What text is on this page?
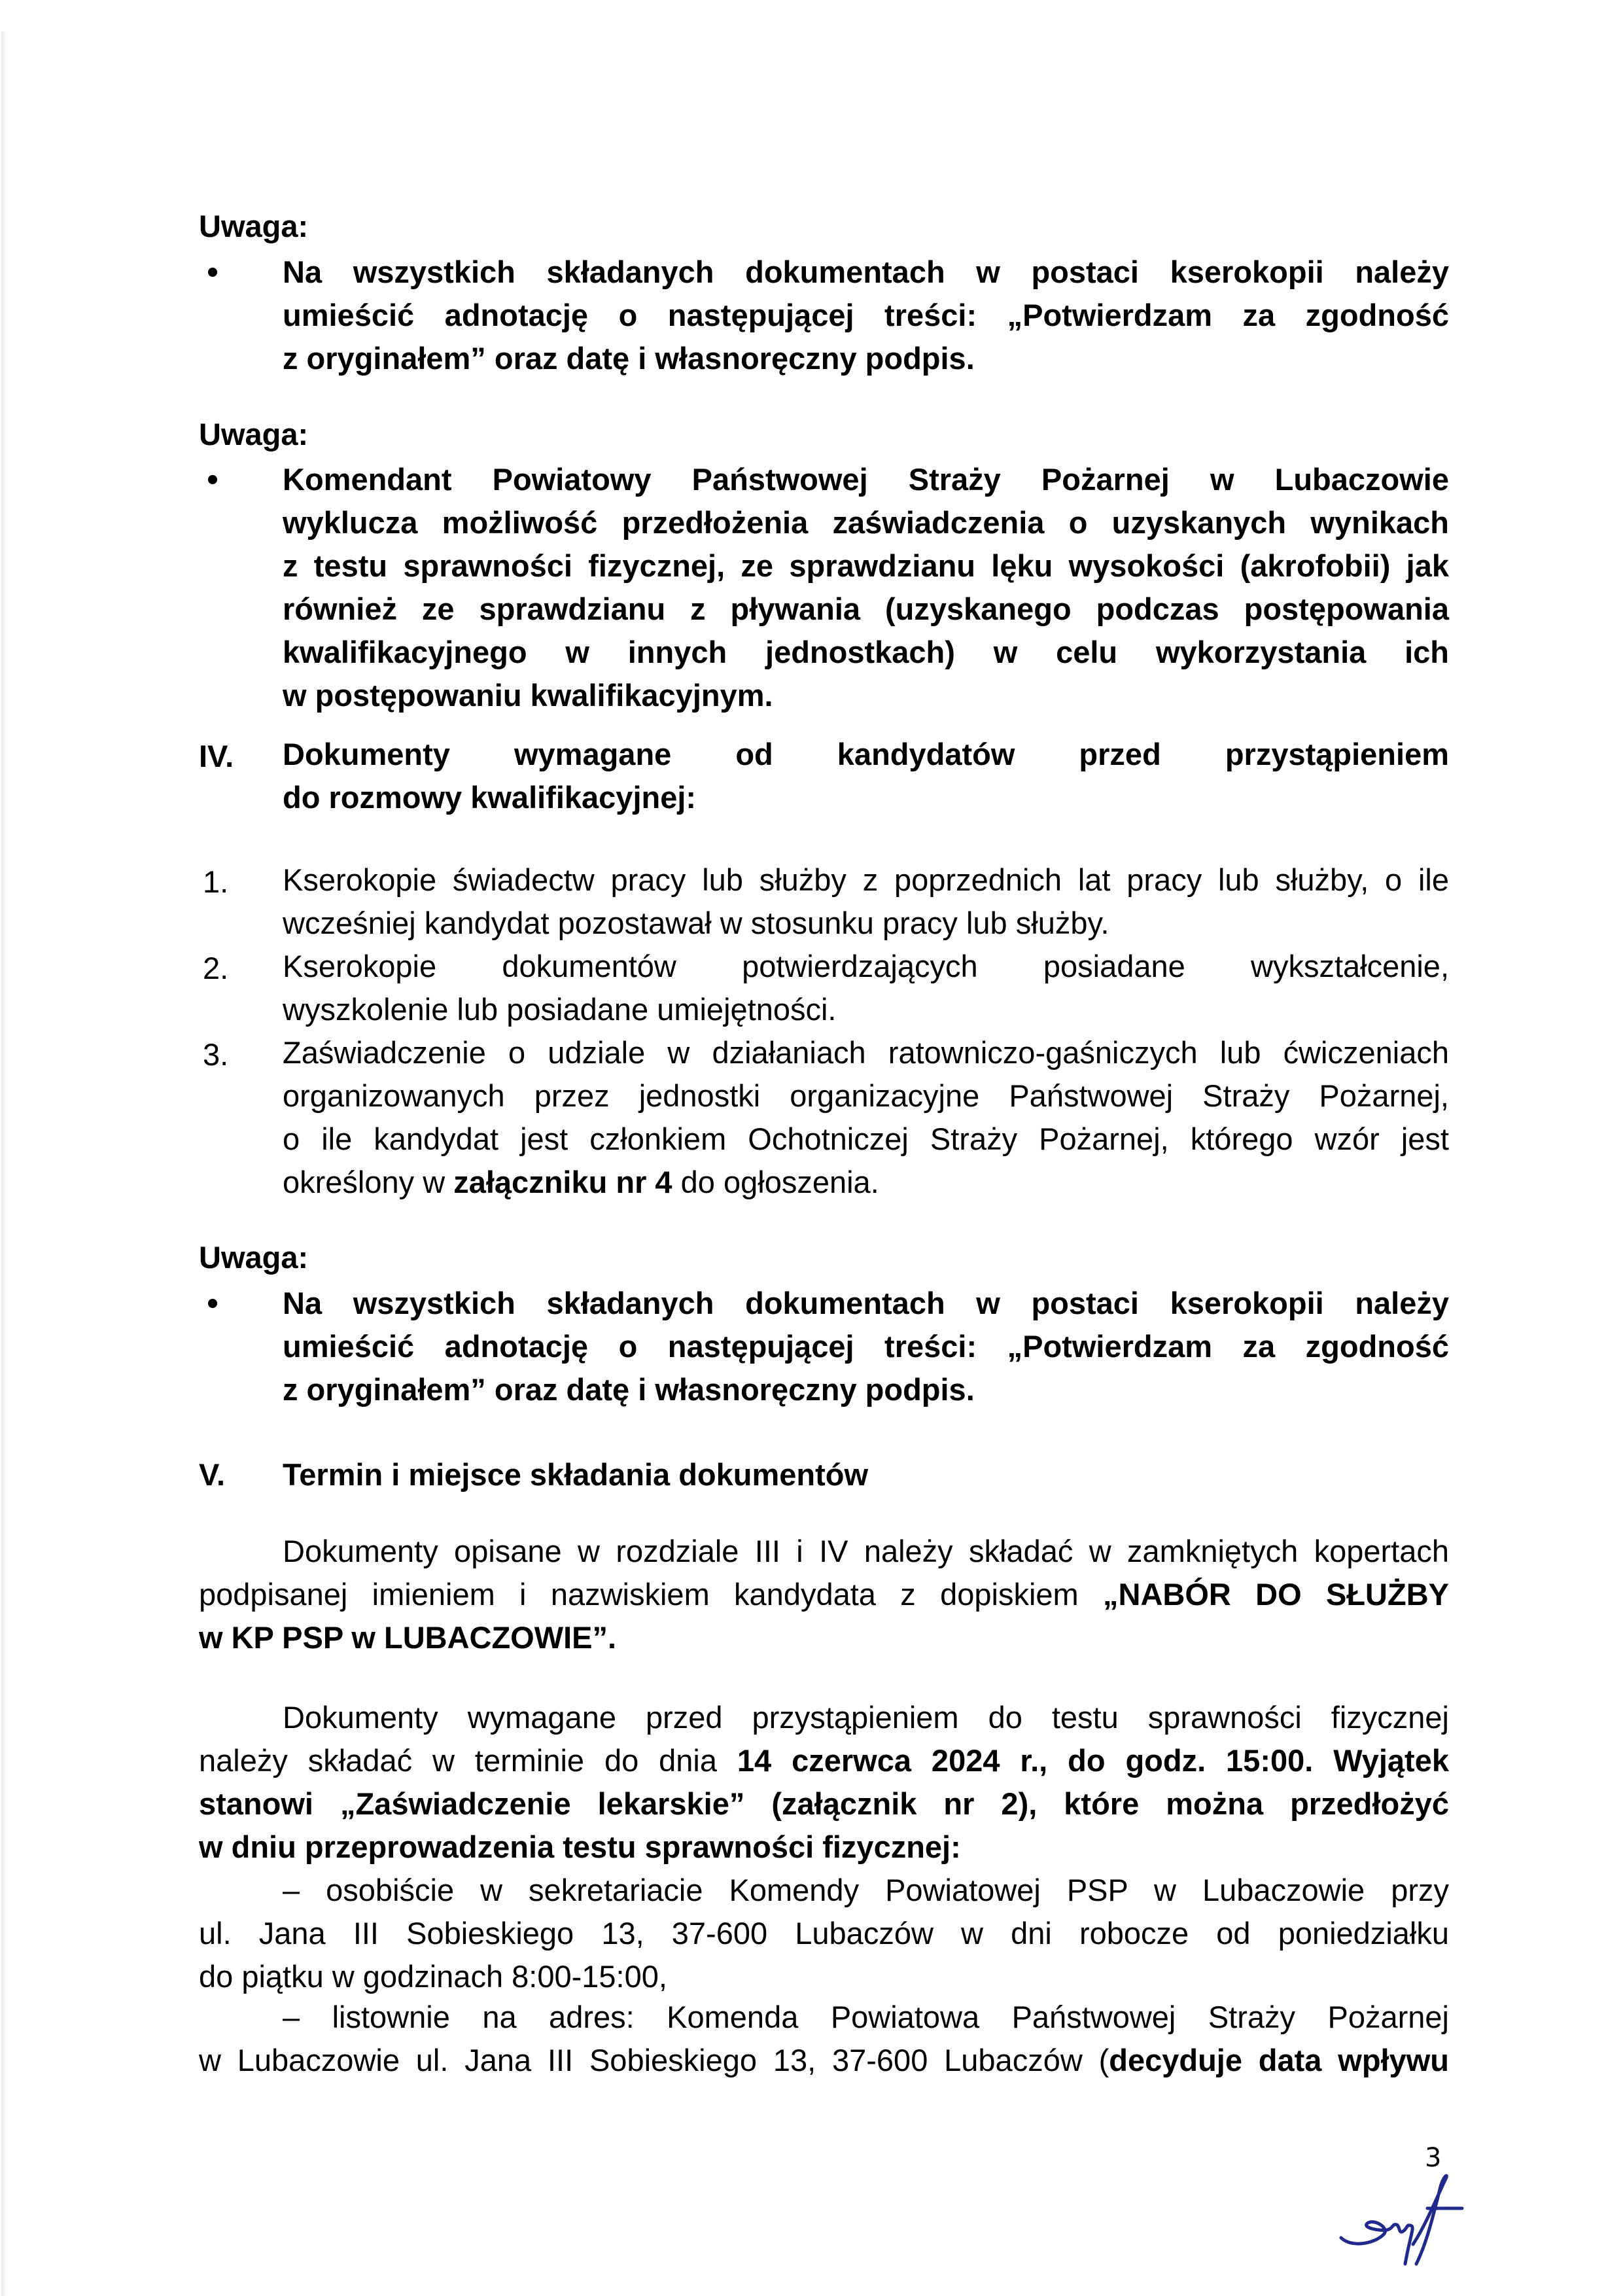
Uwaga:
Na wszystkich składanych dokumentach w postaci kserokopii należy
umieścić adnotację o następującej treści: „Potwierdzam za zgodność
z oryginałem” oraz datę i własnoręczny podpis.
Uwaga:
Komendant Powiatowy Państwowej Straży Pożarnej w Lubaczowie
wyklucza możliwość przedłożenia zaświadczenia o uzyskanych wynikach
z testu sprawności fizycznej, ze sprawdzianu lęku wysokości (akrofobii) jak
również ze sprawdzianu z pływania (uzyskanego podczas postępowania
kwalifikacyjnego w innych jednostkach) w celu wykorzystania ich
w postępowaniu kwalifikacyjnym.
IV. Dokumenty wymagane od kandydatów przed przystąpieniem
do rozmowy kwalifikacyjnej:
1. Kserokopie świadectw pracy lub służby z poprzednich lat pracy lub służby, o ile
wcześniej kandydat pozostawał w stosunku pracy lub służby.
2. Kserokopie dokumentów potwierdzających posiadane wykształcenie,
wyszkolenie lub posiadane umiejętności.
3. Zaświadczenie o udziale w działaniach ratowniczo-gaśniczych lub ćwiczeniach
organizowanych przez jednostki organizacyjne Państwowej Straży Pożarnej,
o ile kandydat jest członkiem Ochotniczej Straży Pożarnej, którego wzór jest
określony w załączniku nr 4 do ogłoszenia.
Uwaga:
Na wszystkich składanych dokumentach w postaci kserokopii należy
umieścić adnotację o następującej treści: „Potwierdzam za zgodność
z oryginałem” oraz datę i własnoręczny podpis.
V. Termin i miejsce składania dokumentów
Dokumenty opisane w rozdziale III i IV należy składać w zamkniętych kopertach
podpisanej imieniem i nazwiskiem kandydata z dopiskiem „NABÓR DO SŁUŻBY
w KP PSP w LUBACZOWIE”.
Dokumenty wymagane przed przystąpieniem do testu sprawności fizycznej
należy składać w terminie do dnia 14 czerwca 2024 r., do godz. 15:00. Wyjątek
stanowi „Zaświadczenie lekarskie” (załącznik nr 2), które można przedłożyć
w dniu przeprowadzenia testu sprawności fizycznej:
– osobiście w sekretariacie Komendy Powiatowej PSP w Lubaczowie przy
ul. Jana III Sobieskiego 13, 37-600 Lubaczów w dni robocze od poniedziałku
do piątku w godzinach 8:00-15:00,
– listownie na adres: Komenda Powiatowa Państwowej Straży Pożarnej
w Lubaczowie ul. Jana III Sobieskiego 13, 37-600 Lubaczów (decyduje data wpływu
3
